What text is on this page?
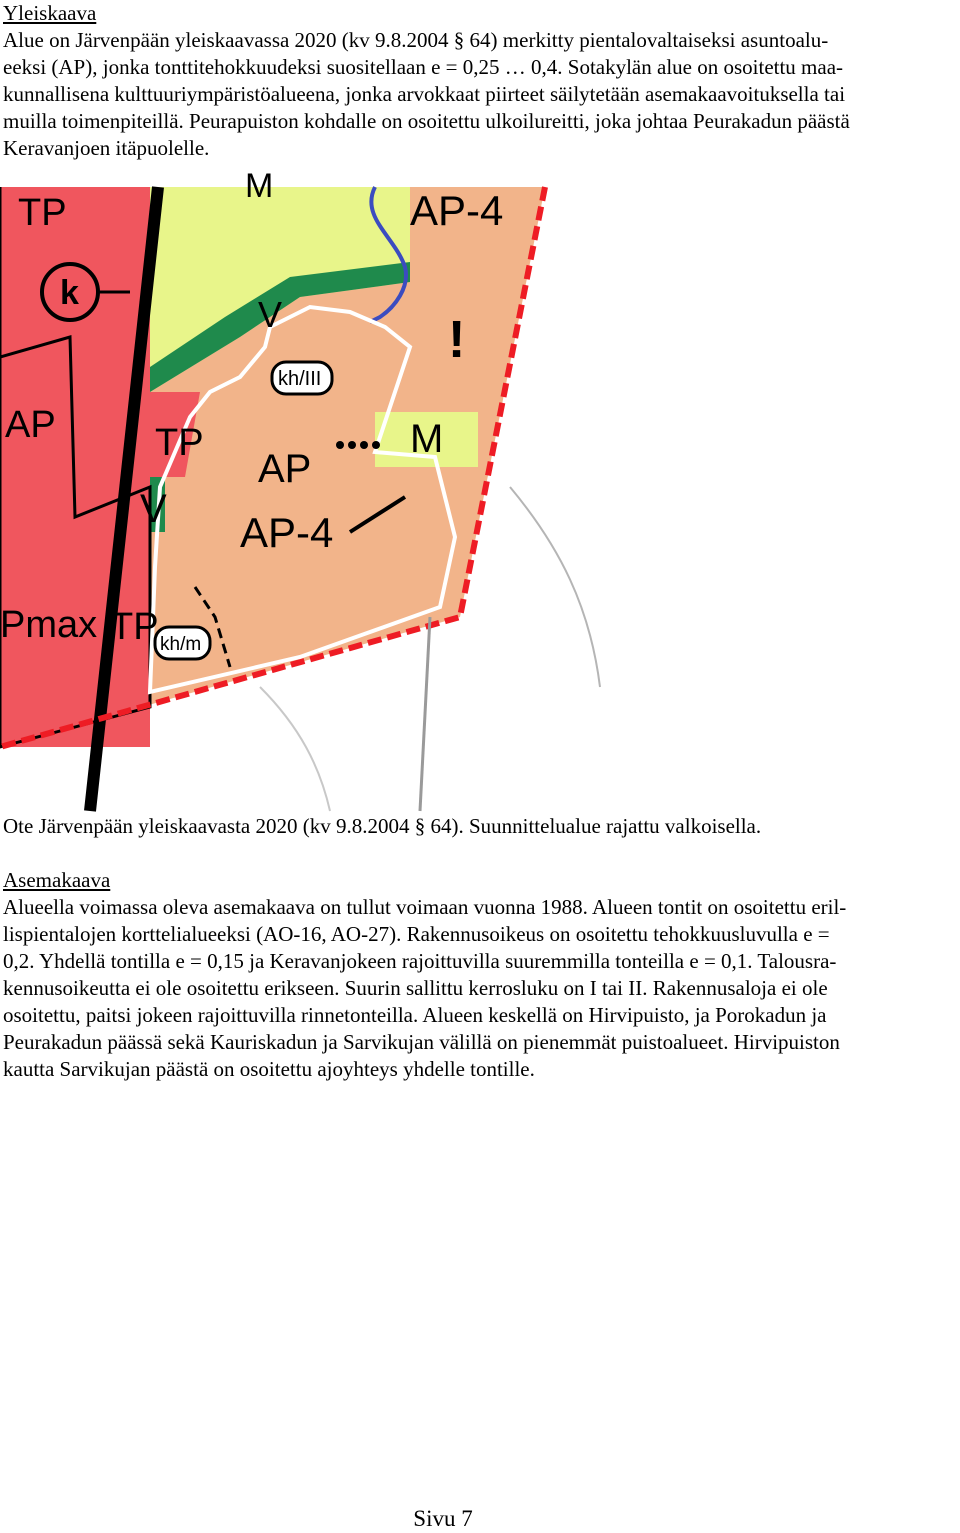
Yleiskaava
Alue on Järvenpään yleiskaavassa 2020 (kv 9.8.2004 § 64) merkitty pientalovaltaiseksi asuntoalu-
eeksi (AP), jonka tonttitehokkuudeksi suositellaan e = 0,25 … 0,4. Sotakylän alue on osoitettu maa-
kunnallisena kulttuuriympäristöalueena, jonka arvokkaat piirteet säilytetään asemakaavoituksella tai
muilla toimenpiteillä. Peurapuiston kohdalle on osoitettu ulkoilureitti, joka johtaa Peurakadun päästä
Keravanjoen itäpuolelle.
AP-4
TP
k
M
V
kh/III
AP	TP
AP
M
V AP-4
Pmax TP kh/m
!

Ote Järvenpään yleiskaavasta 2020 (kv 9.8.2004 § 64). Suunnittelualue rajattu valkoisella.

Asemakaava
Alueella voimassa oleva asemakaava on tullut voimaan vuonna 1988. Alueen tontit on osoitettu eril-
lispientalojen korttelialueeksi (AO-16, AO-27). Rakennusoikeus on osoitettu tehokkuusluvulla e =
0,2. Yhdellä tontilla e = 0,15 ja Keravanjokeen rajoittuvilla suuremmilla tonteilla e = 0,1. Talousra-
kennusoikeutta ei ole osoitettu erikseen. Suurin sallittu kerrosluku on I tai II. Rakennusaloja ei ole
osoitettu, paitsi jokeen rajoittuvilla rinnetonteilla. Alueen keskellä on Hirvipuisto, ja Porokadun ja
Peurakadun päässä sekä Kauriskadun ja Sarvikujan välillä on pienemmät puistoalueet. Hirvipuiston
kautta Sarvikujan päästä on osoitettu ajoyhteys yhdelle tontille.

Sivu 7
